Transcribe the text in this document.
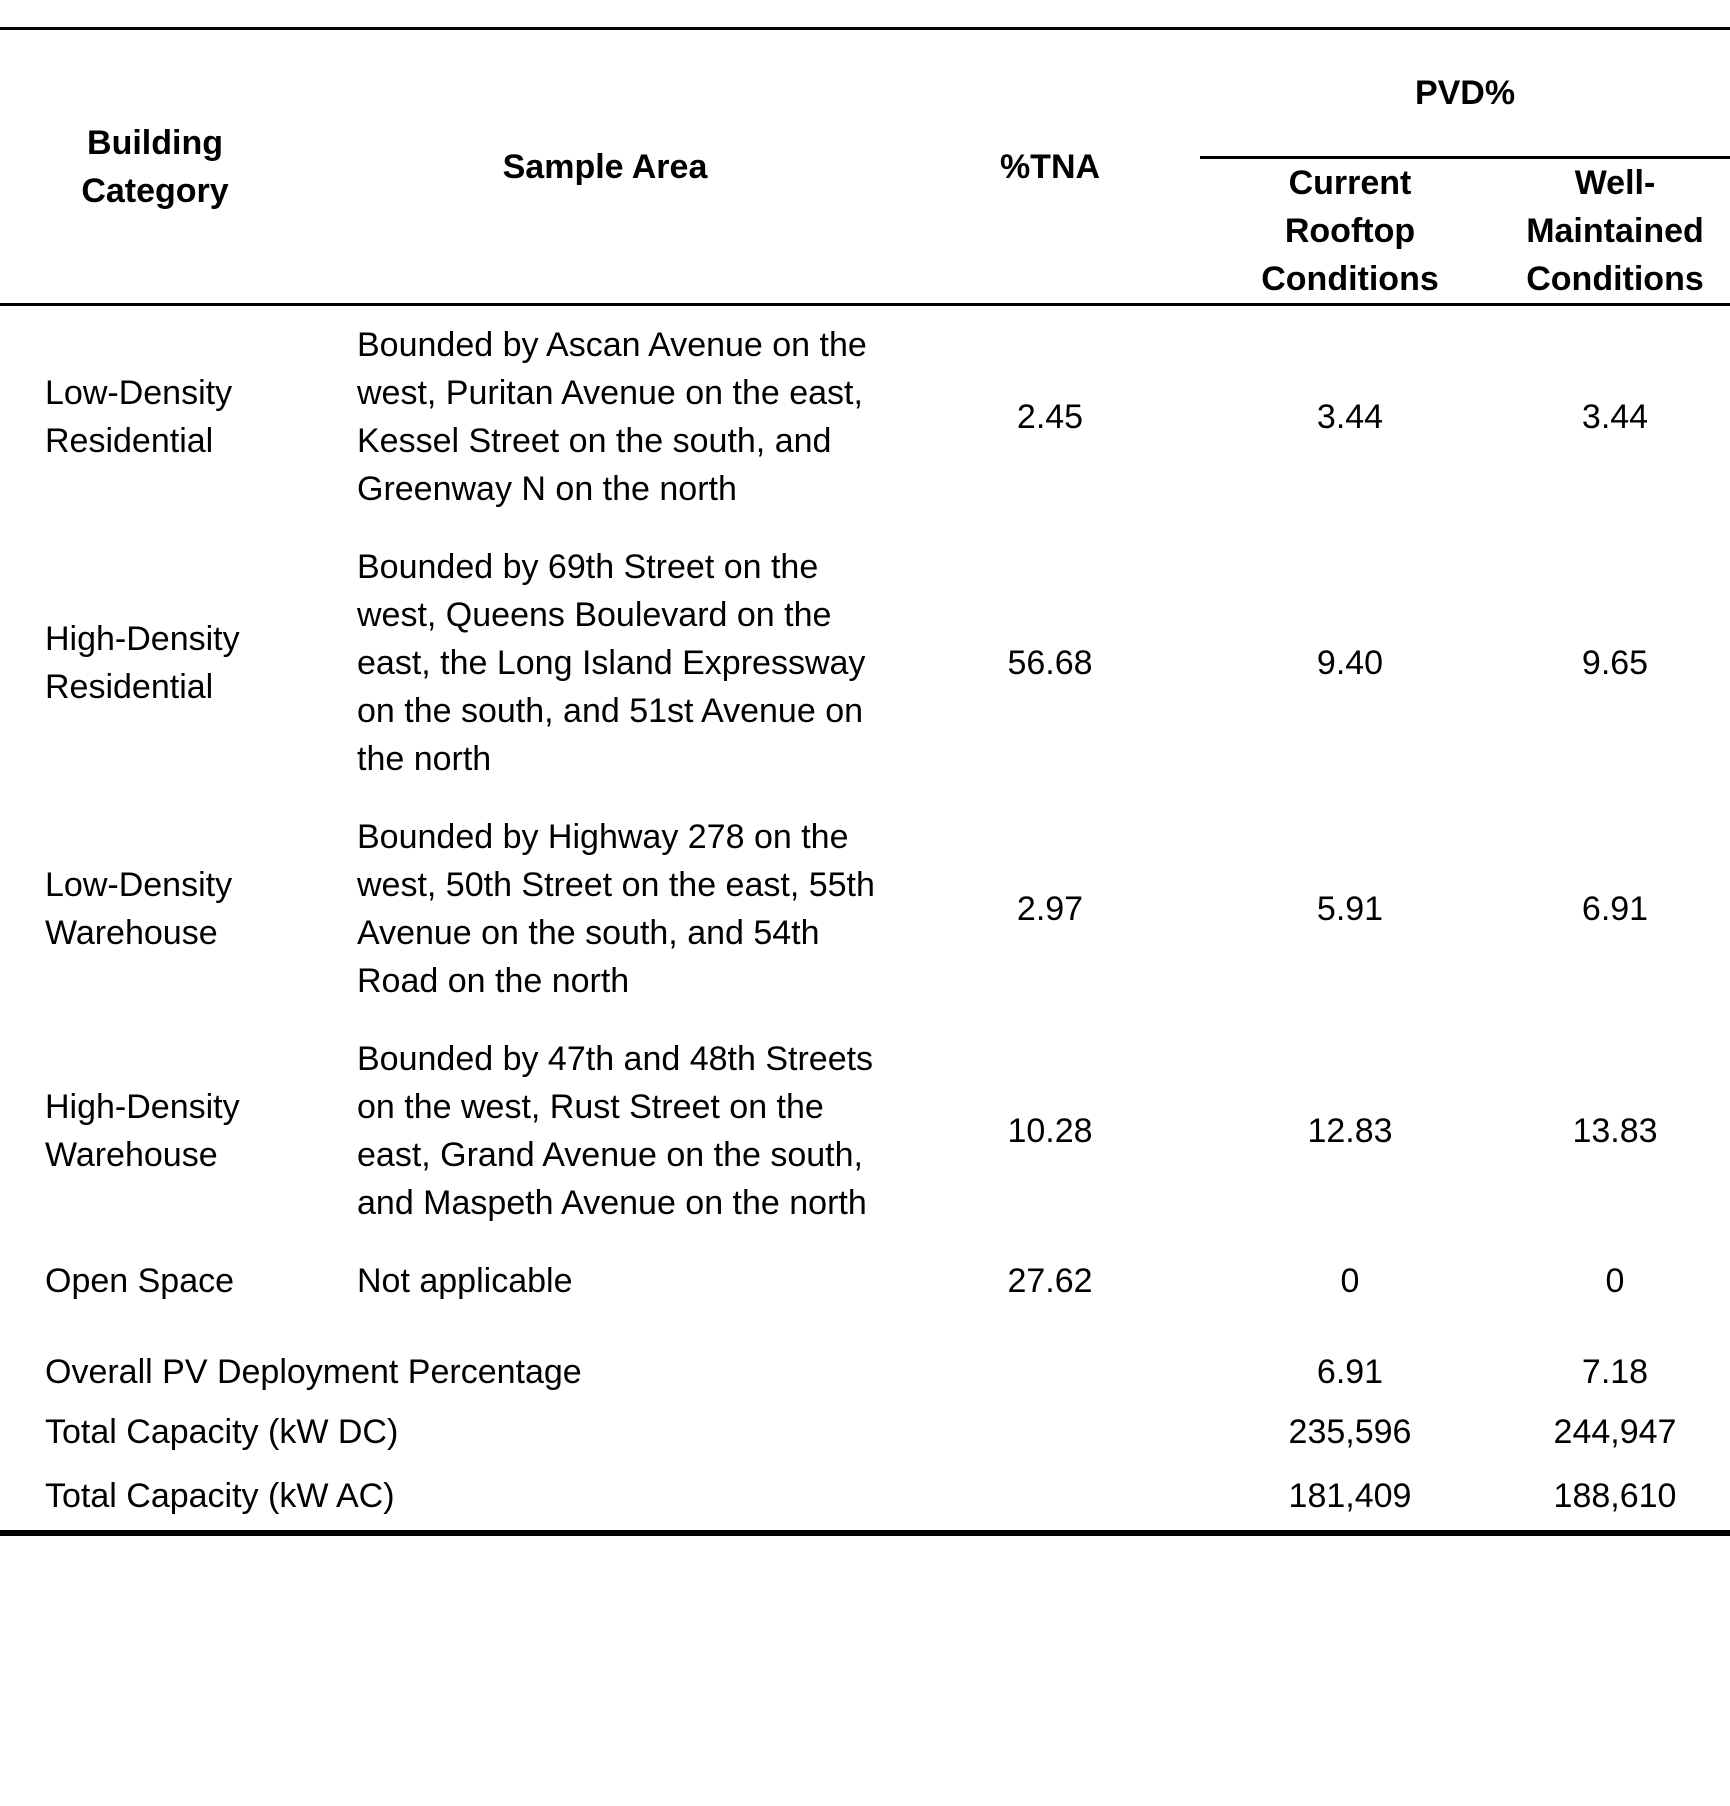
Building Category	Sample Area	%TNA	PVD%	
			Current Rooftop Conditions	Well-Maintained Conditions
Low-Density Residential	Bounded by Ascan Avenue on the west, Puritan Avenue on the east, Kessel Street on the south, and Greenway N on the north	2.45	3.44	3.44
High-Density Residential	Bounded by 69th Street on the west, Queens Boulevard on the east, the Long Island Expressway on the south, and 51st Avenue on the north	56.68	9.40	9.65
Low-Density Warehouse	Bounded by Highway 278 on the west, 50th Street on the east, 55th Avenue on the south, and 54th Road on the north	2.97	5.91	6.91
High-Density Warehouse	Bounded by 47th and 48th Streets on the west, Rust Street on the east, Grand Avenue on the south, and Maspeth Avenue on the north	10.28	12.83	13.83
Open Space	Not applicable	27.62	0	0
Overall PV Deployment Percentage			6.91	7.18
Total Capacity (kW DC)			235,596	244,947
Total Capacity (kW AC)			181,409	188,610
